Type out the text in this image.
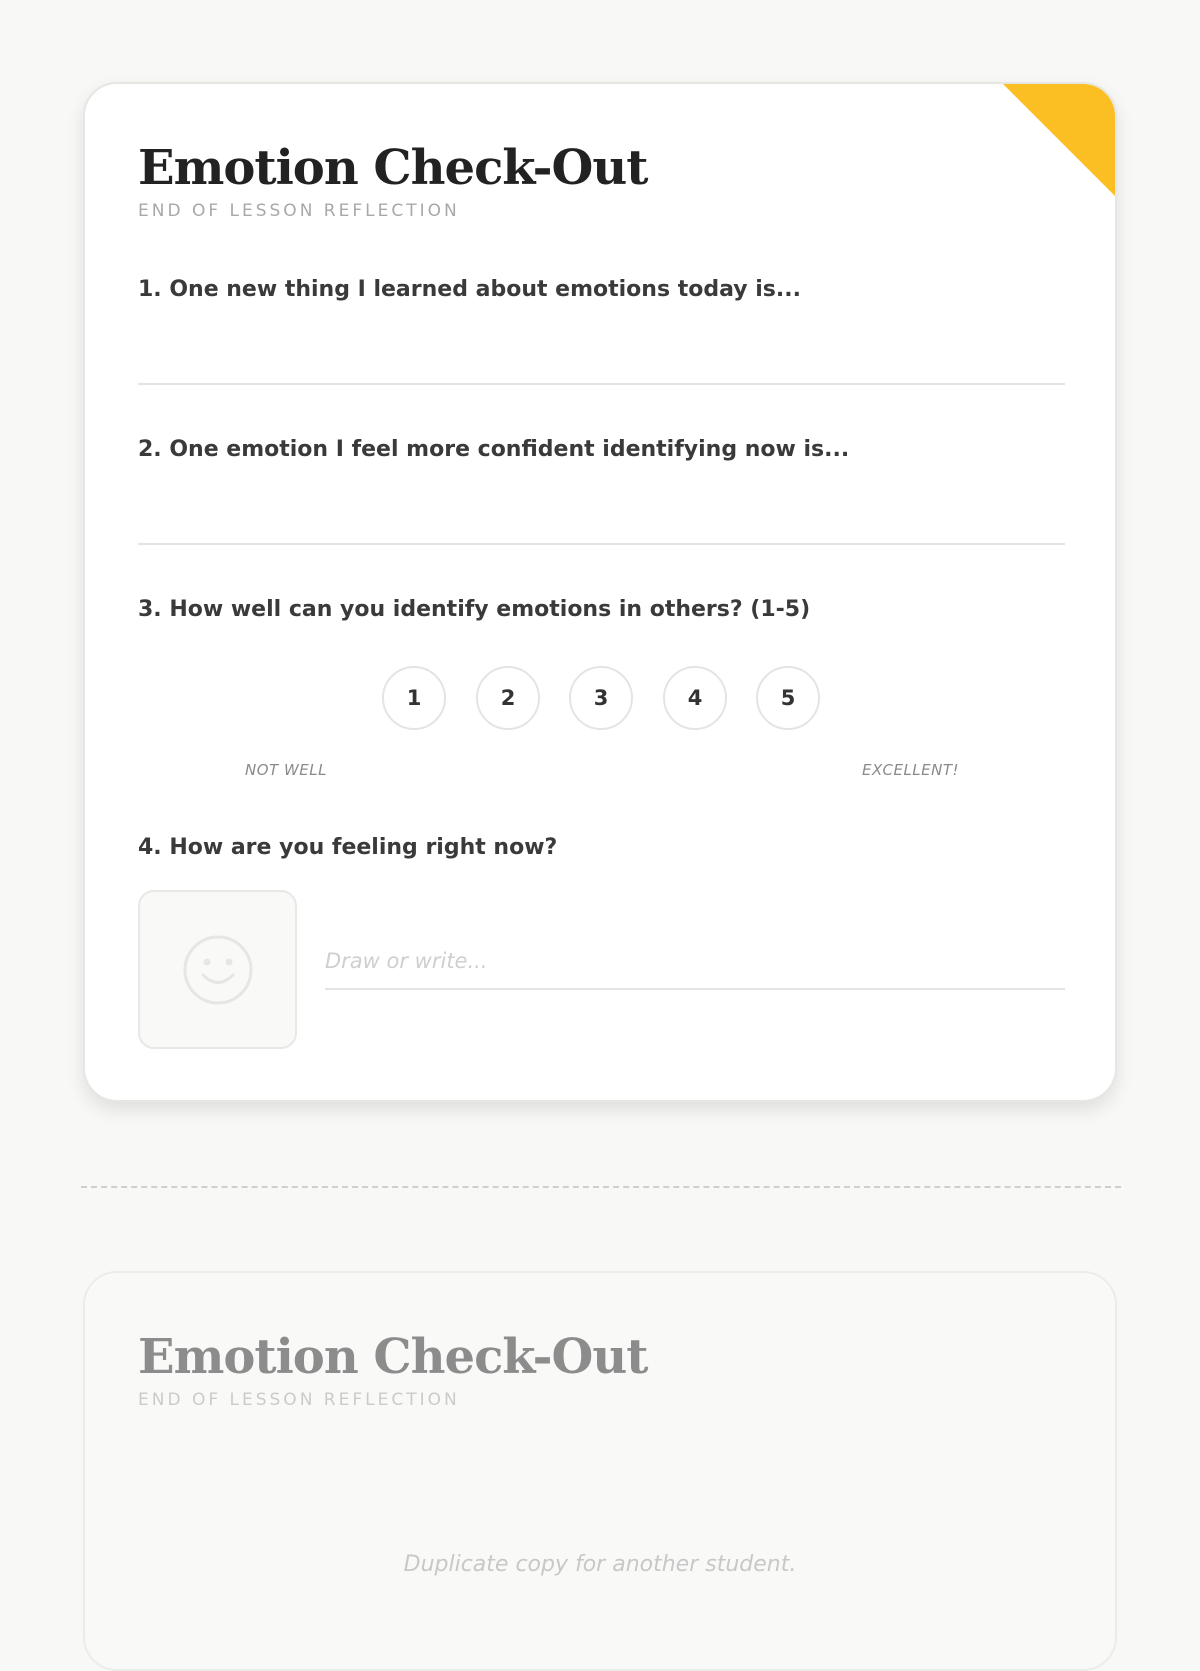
Emotion Check-Out
END OF LESSON REFLECTION
1. One new thing I learned about emotions today is...
2. One emotion I feel more confident identifying now is...
3. How well can you identify emotions in others? (1-5)
1	2	3	4	5
NOT WELL	EXCELLENT!
4. How are you feeling right now?
Draw or write...
Emotion Check-Out
END OF LESSON REFLECTION
Duplicate copy for another student.
